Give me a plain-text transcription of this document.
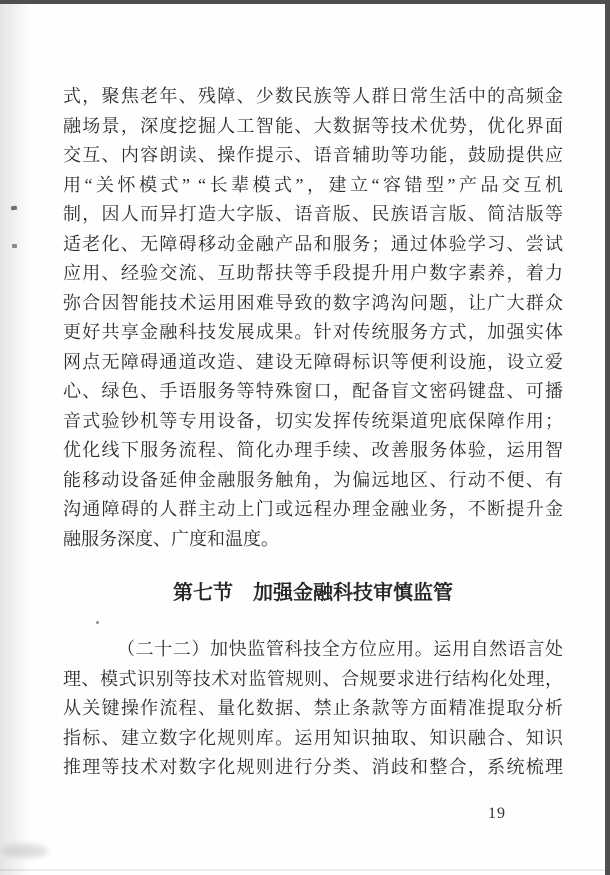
式，聚焦老年、残障、少数民族等人群日常生活中的高频金
融场景，深度挖掘人工智能、大数据等技术优势，优化界面
交互、内容朗读、操作提示、语音辅助等功能，鼓励提供应
用“关怀模式” “长辈模式”，建立“容错型”产品交互机
制，因人而异打造大字版、语音版、民族语言版、简洁版等
适老化、无障碍移动金融产品和服务；通过体验学习、尝试
应用、经验交流、互助帮扶等手段提升用户数字素养，着力
弥合因智能技术运用困难导致的数字鸿沟问题，让广大群众
更好共享金融科技发展成果。针对传统服务方式，加强实体
网点无障碍通道改造、建设无障碍标识等便利设施，设立爱
心、绿色、手语服务等特殊窗口，配备盲文密码键盘、可播
音式验钞机等专用设备，切实发挥传统渠道兜底保障作用；
优化线下服务流程、简化办理手续、改善服务体验，运用智
能移动设备延伸金融服务触角，为偏远地区、行动不便、有
沟通障碍的人群主动上门或远程办理金融业务，不断提升金
融服务深度、广度和温度。
第七节　加强金融科技审慎监管
（二十二）加快监管科技全方位应用。运用自然语言处
理、模式识别等技术对监管规则、合规要求进行结构化处理，
从关键操作流程、量化数据、禁止条款等方面精准提取分析
指标、建立数字化规则库。运用知识抽取、知识融合、知识
推理等技术对数字化规则进行分类、消歧和整合，系统梳理
19
